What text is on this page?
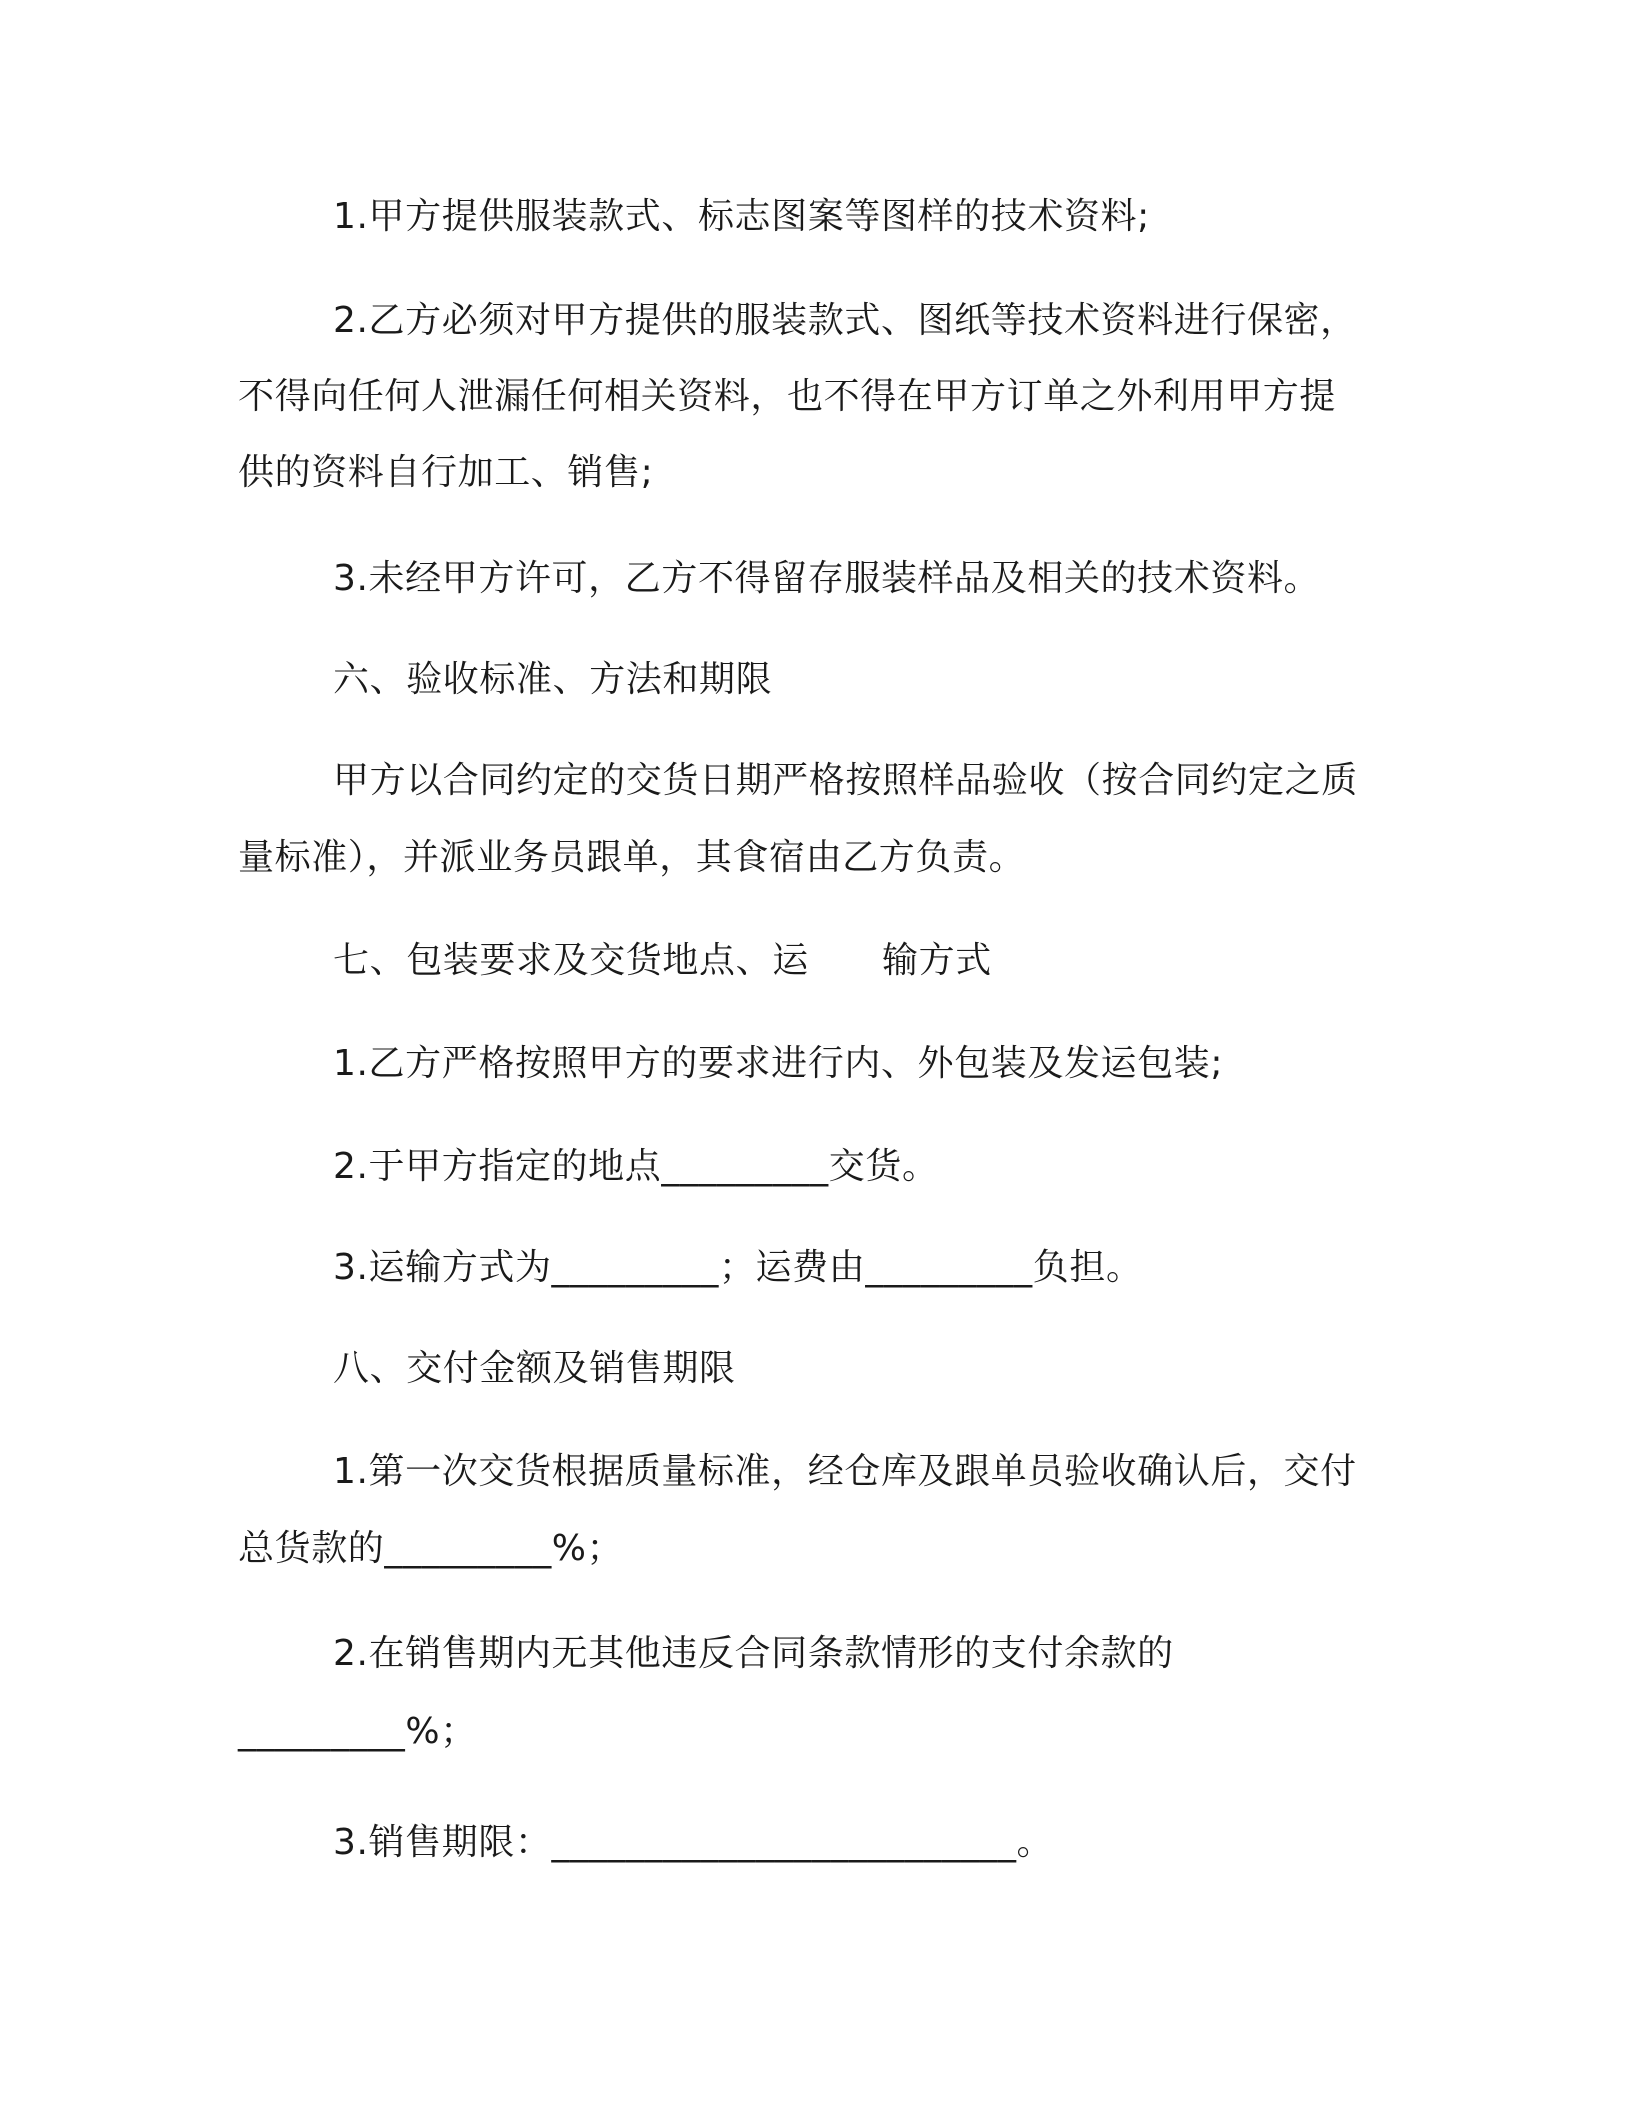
1.甲方提供服装款式、标志图案等图样的技术资料;
2.乙方必须对甲方提供的服装款式、图纸等技术资料进行保密，
不得向任何人泄漏任何相关资料，也不得在甲方订单之外利用甲方提
供的资料自行加工、销售;
3.未经甲方许可，乙方不得留存服装样品及相关的技术资料。
六、验收标准、方法和期限
甲方以合同约定的交货日期严格按照样品验收（按合同约定之质
量标准），并派业务员跟单，其食宿由乙方负责。
七、包装要求及交货地点、运　　输方式
1.乙方严格按照甲方的要求进行内、外包装及发运包装;
2.于甲方指定的地点_________交货。
3.运输方式为_________；运费由_________负担。
八、交付金额及销售期限
1.第一次交货根据质量标准，经仓库及跟单员验收确认后，交付
总货款的_________%；
2.在销售期内无其他违反合同条款情形的支付余款的
_________%；
3.销售期限：_________________________。
